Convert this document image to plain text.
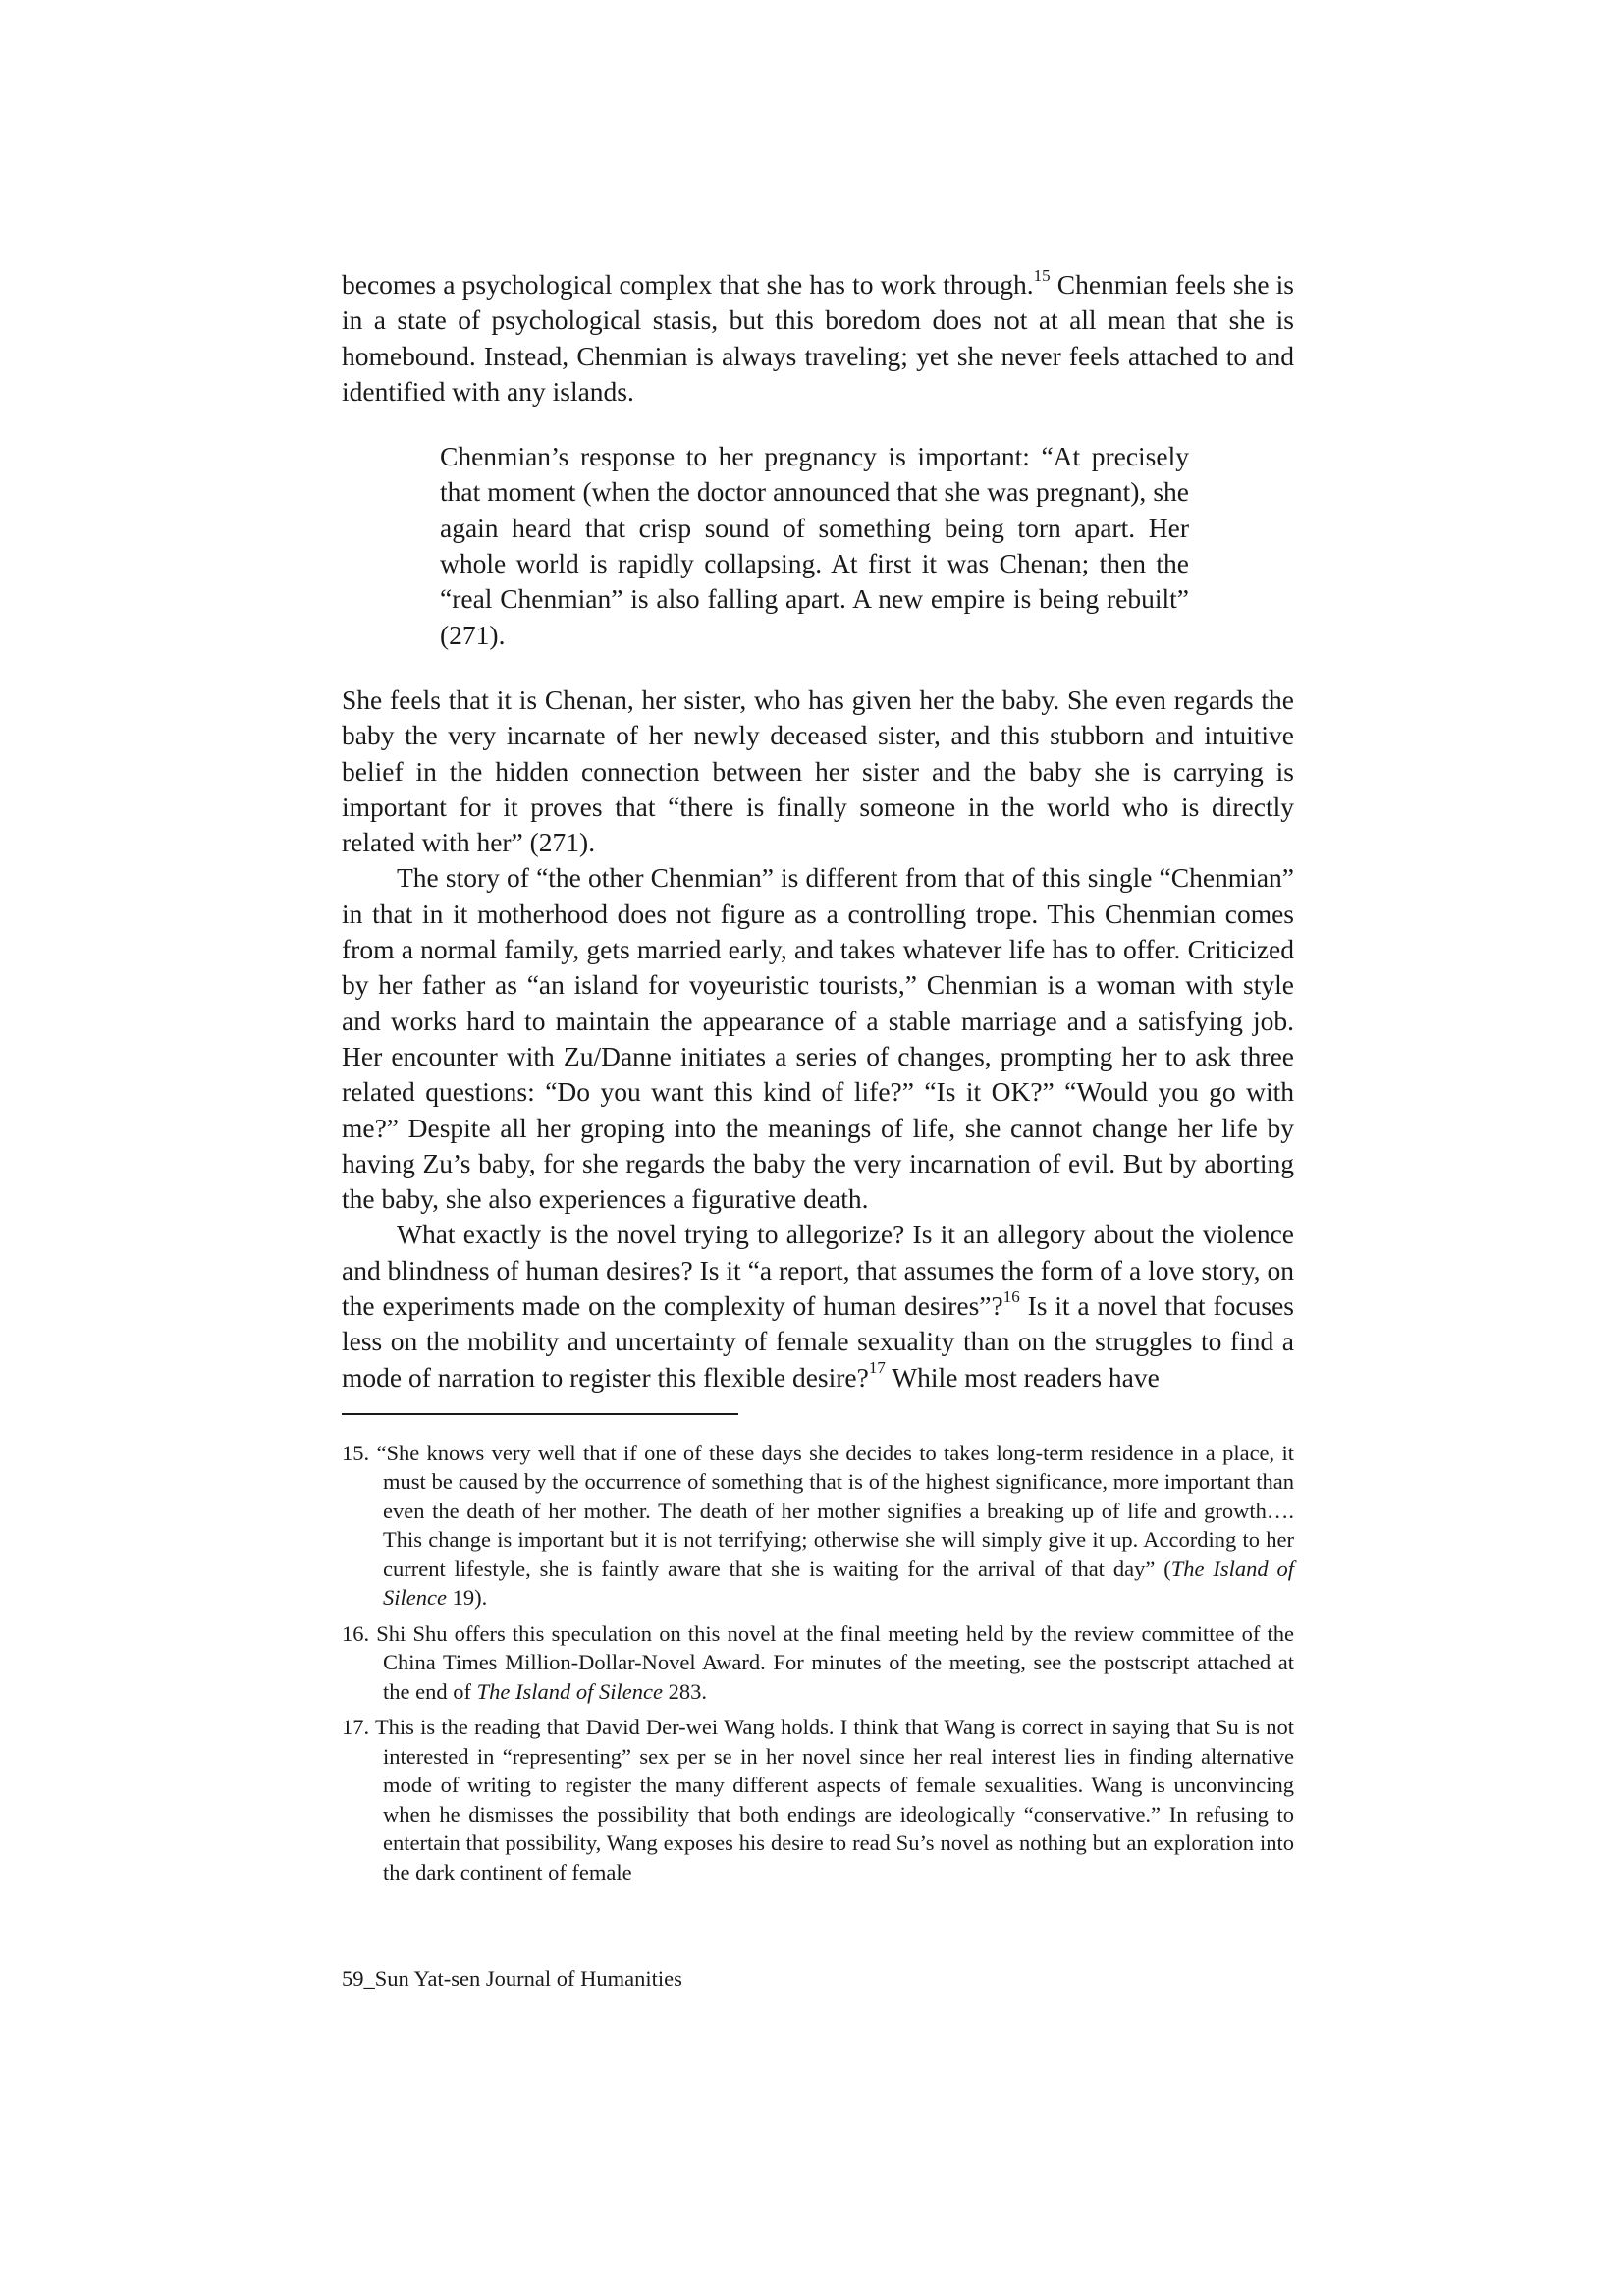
becomes a psychological complex that she has to work through.$^{15}$ Chenmian feels she is in a state of psychological stasis, but this boredom does not at all mean that she is homebound. Instead, Chenmian is always traveling; yet she never feels attached to and identified with any islands.

Chenmian’s response to her pregnancy is important: “At precisely that moment (when the doctor announced that she was pregnant), she again heard that crisp sound of something being torn apart. Her whole world is rapidly collapsing. At first it was Chenan; then the “real Chenmian” is also falling apart. A new empire is being rebuilt” (271).

She feels that it is Chenan, her sister, who has given her the baby. She even regards the baby the very incarnate of her newly deceased sister, and this stubborn and intuitive belief in the hidden connection between her sister and the baby she is carrying is important for it proves that “there is finally someone in the world who is directly related with her” (271).

The story of “the other Chenmian” is different from that of this single “Chenmian” in that in it motherhood does not figure as a controlling trope. This Chenmian comes from a normal family, gets married early, and takes whatever life has to offer. Criticized by her father as “an island for voyeuristic tourists,” Chenmian is a woman with style and works hard to maintain the appearance of a stable marriage and a satisfying job. Her encounter with Zu/Danne initiates a series of changes, prompting her to ask three related questions: “Do you want this kind of life?” “Is it OK?” “Would you go with me?” Despite all her groping into the meanings of life, she cannot change her life by having Zu’s baby, for she regards the baby the very incarnation of evil. But by aborting the baby, she also experiences a figurative death.

What exactly is the novel trying to allegorize? Is it an allegory about the violence and blindness of human desires? Is it “a report, that assumes the form of a love story, on the experiments made on the complexity of human desires”?$^{16}$ Is it a novel that focuses less on the mobility and uncertainty of female sexuality than on the struggles to find a mode of narration to register this flexible desire?$^{17}$ While most readers have

15. “She knows very well that if one of these days she decides to takes long-term residence in a place, it must be caused by the occurrence of something that is of the highest significance, more important than even the death of her mother. The death of her mother signifies a breaking up of life and growth…. This change is important but it is not terrifying; otherwise she will simply give it up. According to her current lifestyle, she is faintly aware that she is waiting for the arrival of that day” (The Island of Silence 19).
16. Shi Shu offers this speculation on this novel at the final meeting held by the review committee of the China Times Million-Dollar-Novel Award. For minutes of the meeting, see the postscript attached at the end of The Island of Silence 283.
17. This is the reading that David Der-wei Wang holds. I think that Wang is correct in saying that Su is not interested in “representing” sex per se in her novel since her real interest lies in finding alternative mode of writing to register the many different aspects of female sexualities. Wang is unconvincing when he dismisses the possibility that both endings are ideologically “conservative.” In refusing to entertain that possibility, Wang exposes his desire to read Su’s novel as nothing but an exploration into the dark continent of female
59_Sun Yat-sen Journal of Humanities
